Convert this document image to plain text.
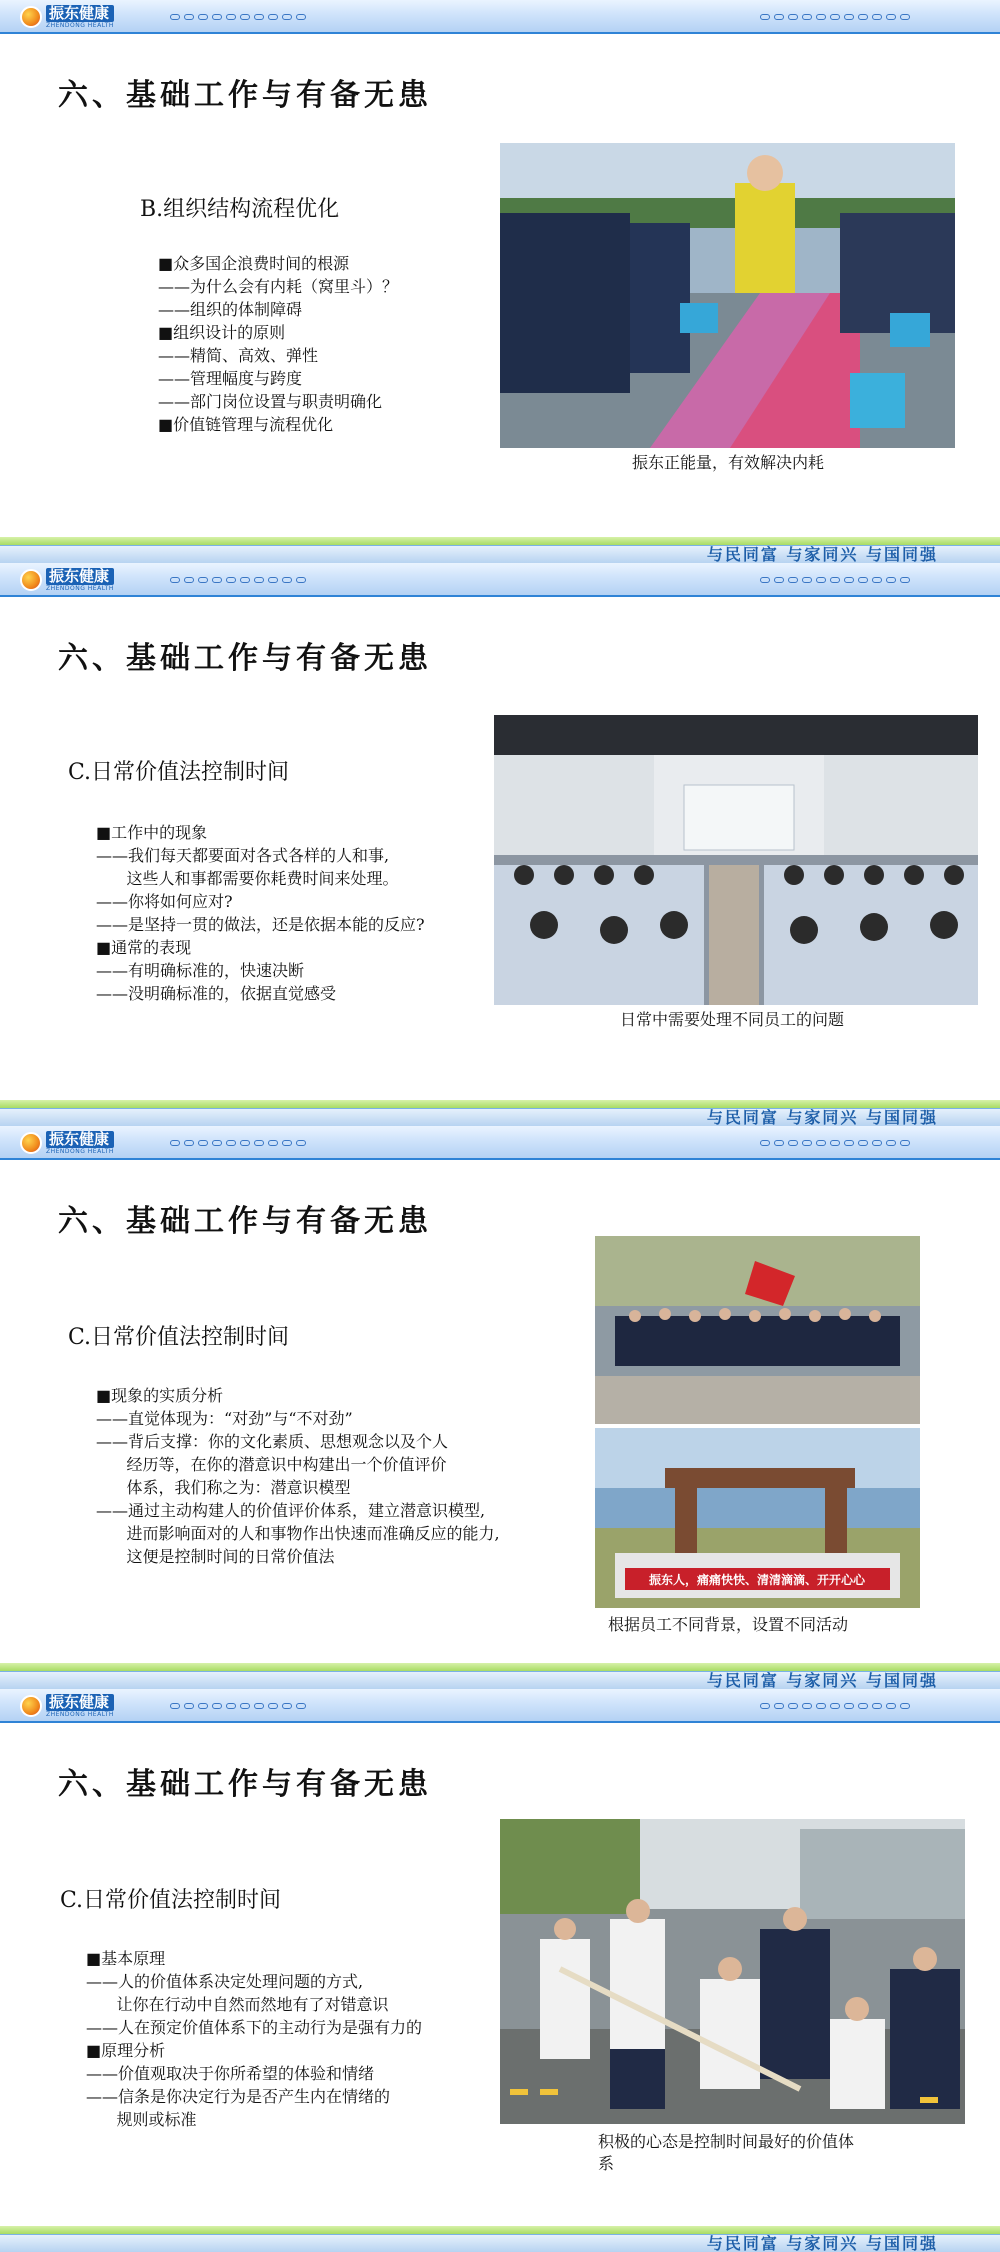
振东健康
ZHENDONG HEALTH
六、基础工作与有备无患
B.组织结构流程优化
■众多国企浪费时间的根源
——为什么会有内耗（窝里斗）？
——组织的体制障碍
■组织设计的原则
——精简、高效、弹性
——管理幅度与跨度
——部门岗位设置与职责明确化
■价值链管理与流程优化
振东正能量，有效解决内耗
与民同富 与家同兴 与国同强
振东健康
ZHENDONG HEALTH
六、基础工作与有备无患
C.日常价值法控制时间
■工作中的现象
——我们每天都要面对各式各样的人和事,
这些人和事都需要你耗费时间来处理。
——你将如何应对?
——是坚持一贯的做法，还是依据本能的反应?
■通常的表现
——有明确标准的，快速决断
——没明确标准的，依据直觉感受
日常中需要处理不同员工的问题
与民同富 与家同兴 与国同强
振东健康
ZHENDONG HEALTH
六、基础工作与有备无患
C.日常价值法控制时间
■现象的实质分析
——直觉体现为：“对劲”与“不对劲”
——背后支撑：你的文化素质、思想观念以及个人
经历等，在你的潜意识中构建出一个价值评价
体系，我们称之为：潜意识模型
——通过主动构建人的价值评价体系，建立潜意识模型,
进而影响面对的人和事物作出快速而准确反应的能力,
这便是控制时间的日常价值法
振东人，痛痛快快、清清滴滴、开开心心
根据员工不同背景，设置不同活动
与民同富 与家同兴 与国同强
振东健康
ZHENDONG HEALTH
六、基础工作与有备无患
C.日常价值法控制时间
■基本原理
——人的价值体系决定处理问题的方式,
让你在行动中自然而然地有了对错意识
——人在预定价值体系下的主动行为是强有力的
■原理分析
——价值观取决于你所希望的体验和情绪
——信条是你决定行为是否产生内在情绪的
规则或标准
积极的心态是控制时间最好的价值体
系
与民同富 与家同兴 与国同强
